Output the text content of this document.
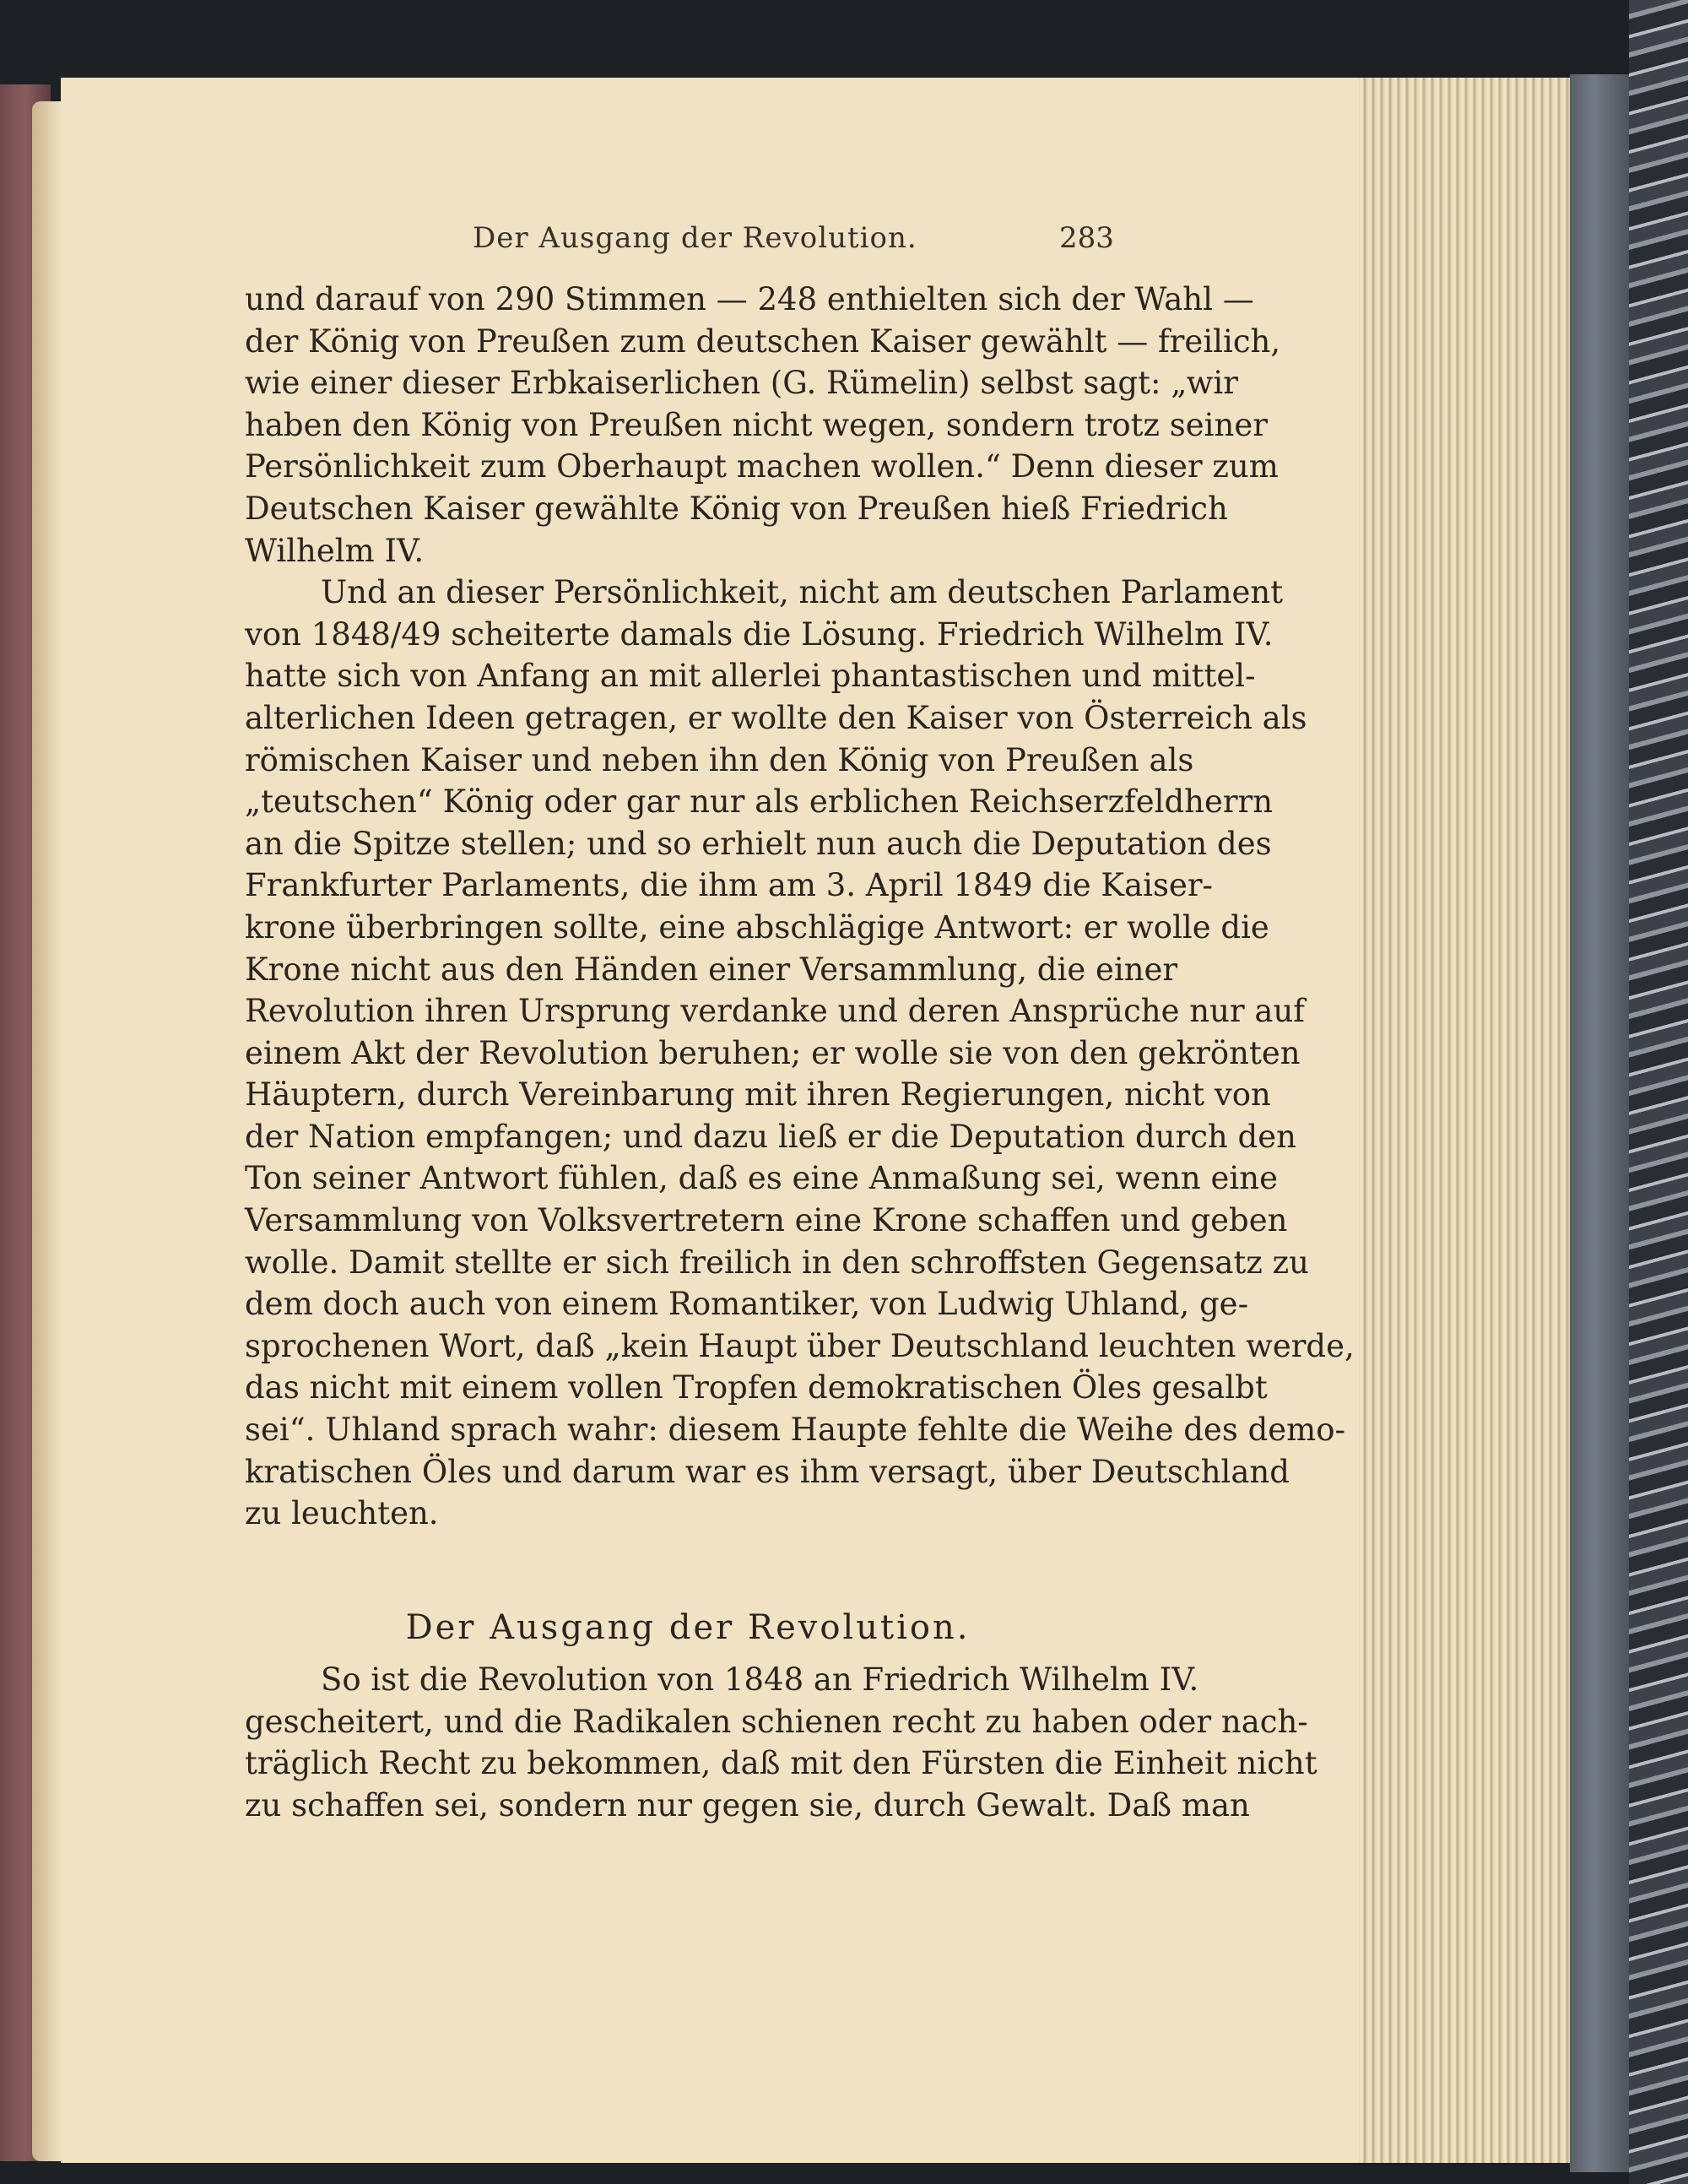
Der Ausgang der Revolution.	283
und darauf von 290 Stimmen — 248 enthielten sich der Wahl —
der König von Preußen zum deutschen Kaiser gewählt — freilich,
wie einer dieser Erbkaiserlichen (G. Rümelin) selbst sagt: „wir
haben den König von Preußen nicht wegen, sondern trotz seiner
Persönlichkeit zum Oberhaupt machen wollen.“ Denn dieser zum
Deutschen Kaiser gewählte König von Preußen hieß Friedrich
Wilhelm IV.
Und an dieser Persönlichkeit, nicht am deutschen Parlament
von 1848/49 scheiterte damals die Lösung. Friedrich Wilhelm IV.
hatte sich von Anfang an mit allerlei phantastischen und mittel-
alterlichen Ideen getragen, er wollte den Kaiser von Österreich als
römischen Kaiser und neben ihn den König von Preußen als
„teutschen“ König oder gar nur als erblichen Reichserzfeldherrn
an die Spitze stellen; und so erhielt nun auch die Deputation des
Frankfurter Parlaments, die ihm am 3. April 1849 die Kaiser-
krone überbringen sollte, eine abschlägige Antwort: er wolle die
Krone nicht aus den Händen einer Versammlung, die einer
Revolution ihren Ursprung verdanke und deren Ansprüche nur auf
einem Akt der Revolution beruhen; er wolle sie von den gekrönten
Häuptern, durch Vereinbarung mit ihren Regierungen, nicht von
der Nation empfangen; und dazu ließ er die Deputation durch den
Ton seiner Antwort fühlen, daß es eine Anmaßung sei, wenn eine
Versammlung von Volksvertretern eine Krone schaffen und geben
wolle. Damit stellte er sich freilich in den schroffsten Gegensatz zu
dem doch auch von einem Romantiker, von Ludwig Uhland, ge-
sprochenen Wort, daß „kein Haupt über Deutschland leuchten werde,
das nicht mit einem vollen Tropfen demokratischen Öles gesalbt
sei“. Uhland sprach wahr: diesem Haupte fehlte die Weihe des demo-
kratischen Öles und darum war es ihm versagt, über Deutschland
zu leuchten.
Der Ausgang der Revolution.
So ist die Revolution von 1848 an Friedrich Wilhelm IV.
gescheitert, und die Radikalen schienen recht zu haben oder nach-
träglich Recht zu bekommen, daß mit den Fürsten die Einheit nicht
zu schaffen sei, sondern nur gegen sie, durch Gewalt. Daß man
